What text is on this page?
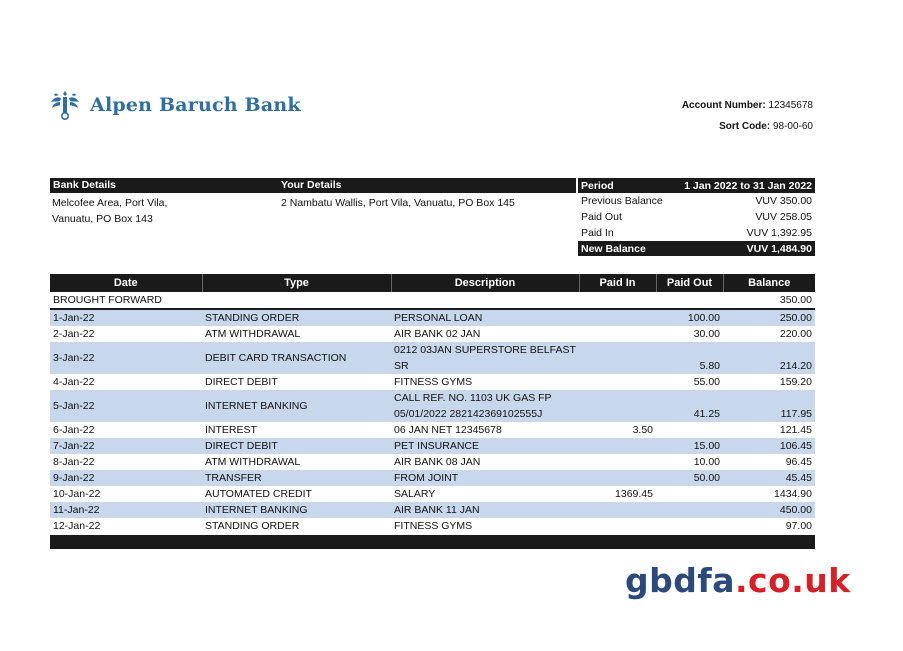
Alpen Baruch Bank	Account Number: 12345678
Sort Code: 98-00-60
Bank Details	Your Details
Melcofee Area, Port Vila,
Vanuatu, PO Box 143
2 Nambatu Wallis, Port Vila, Vanuatu, PO Box 145
Period	1 Jan 2022 to 31 Jan 2022
Previous Balance	VUV 350.00
Paid Out	VUV 258.05
Paid In	VUV 1,392.95
New Balance	VUV 1,484.90
Date	Type	Description	Paid In	Paid Out	Balance
BROUGHT FORWARD					350.00
1-Jan-22	STANDING ORDER	PERSONAL LOAN		100.00	250.00
2-Jan-22	ATM WITHDRAWAL	AIR BANK 02 JAN		30.00	220.00
3-Jan-22	DEBIT CARD TRANSACTION	0212 03JAN SUPERSTORE BELFAST
SR		5.80	214.20
4-Jan-22	DIRECT DEBIT	FITNESS GYMS		55.00	159.20
5-Jan-22	INTERNET BANKING	CALL REF. NO. 1103 UK GAS FP
05/01/2022 282142369102555J		41.25	117.95
6-Jan-22	INTEREST	06 JAN NET 12345678	3.50		121.45
7-Jan-22	DIRECT DEBIT	PET INSURANCE		15.00	106.45
8-Jan-22	ATM WITHDRAWAL	AIR BANK 08 JAN		10.00	96.45
9-Jan-22	TRANSFER	FROM JOINT		50.00	45.45
10-Jan-22	AUTOMATED CREDIT	SALARY	1369.45		1434.90
11-Jan-22	INTERNET BANKING	AIR BANK 11 JAN			450.00
12-Jan-22	STANDING ORDER	FITNESS GYMS			97.00
gbdfa.co.uk
